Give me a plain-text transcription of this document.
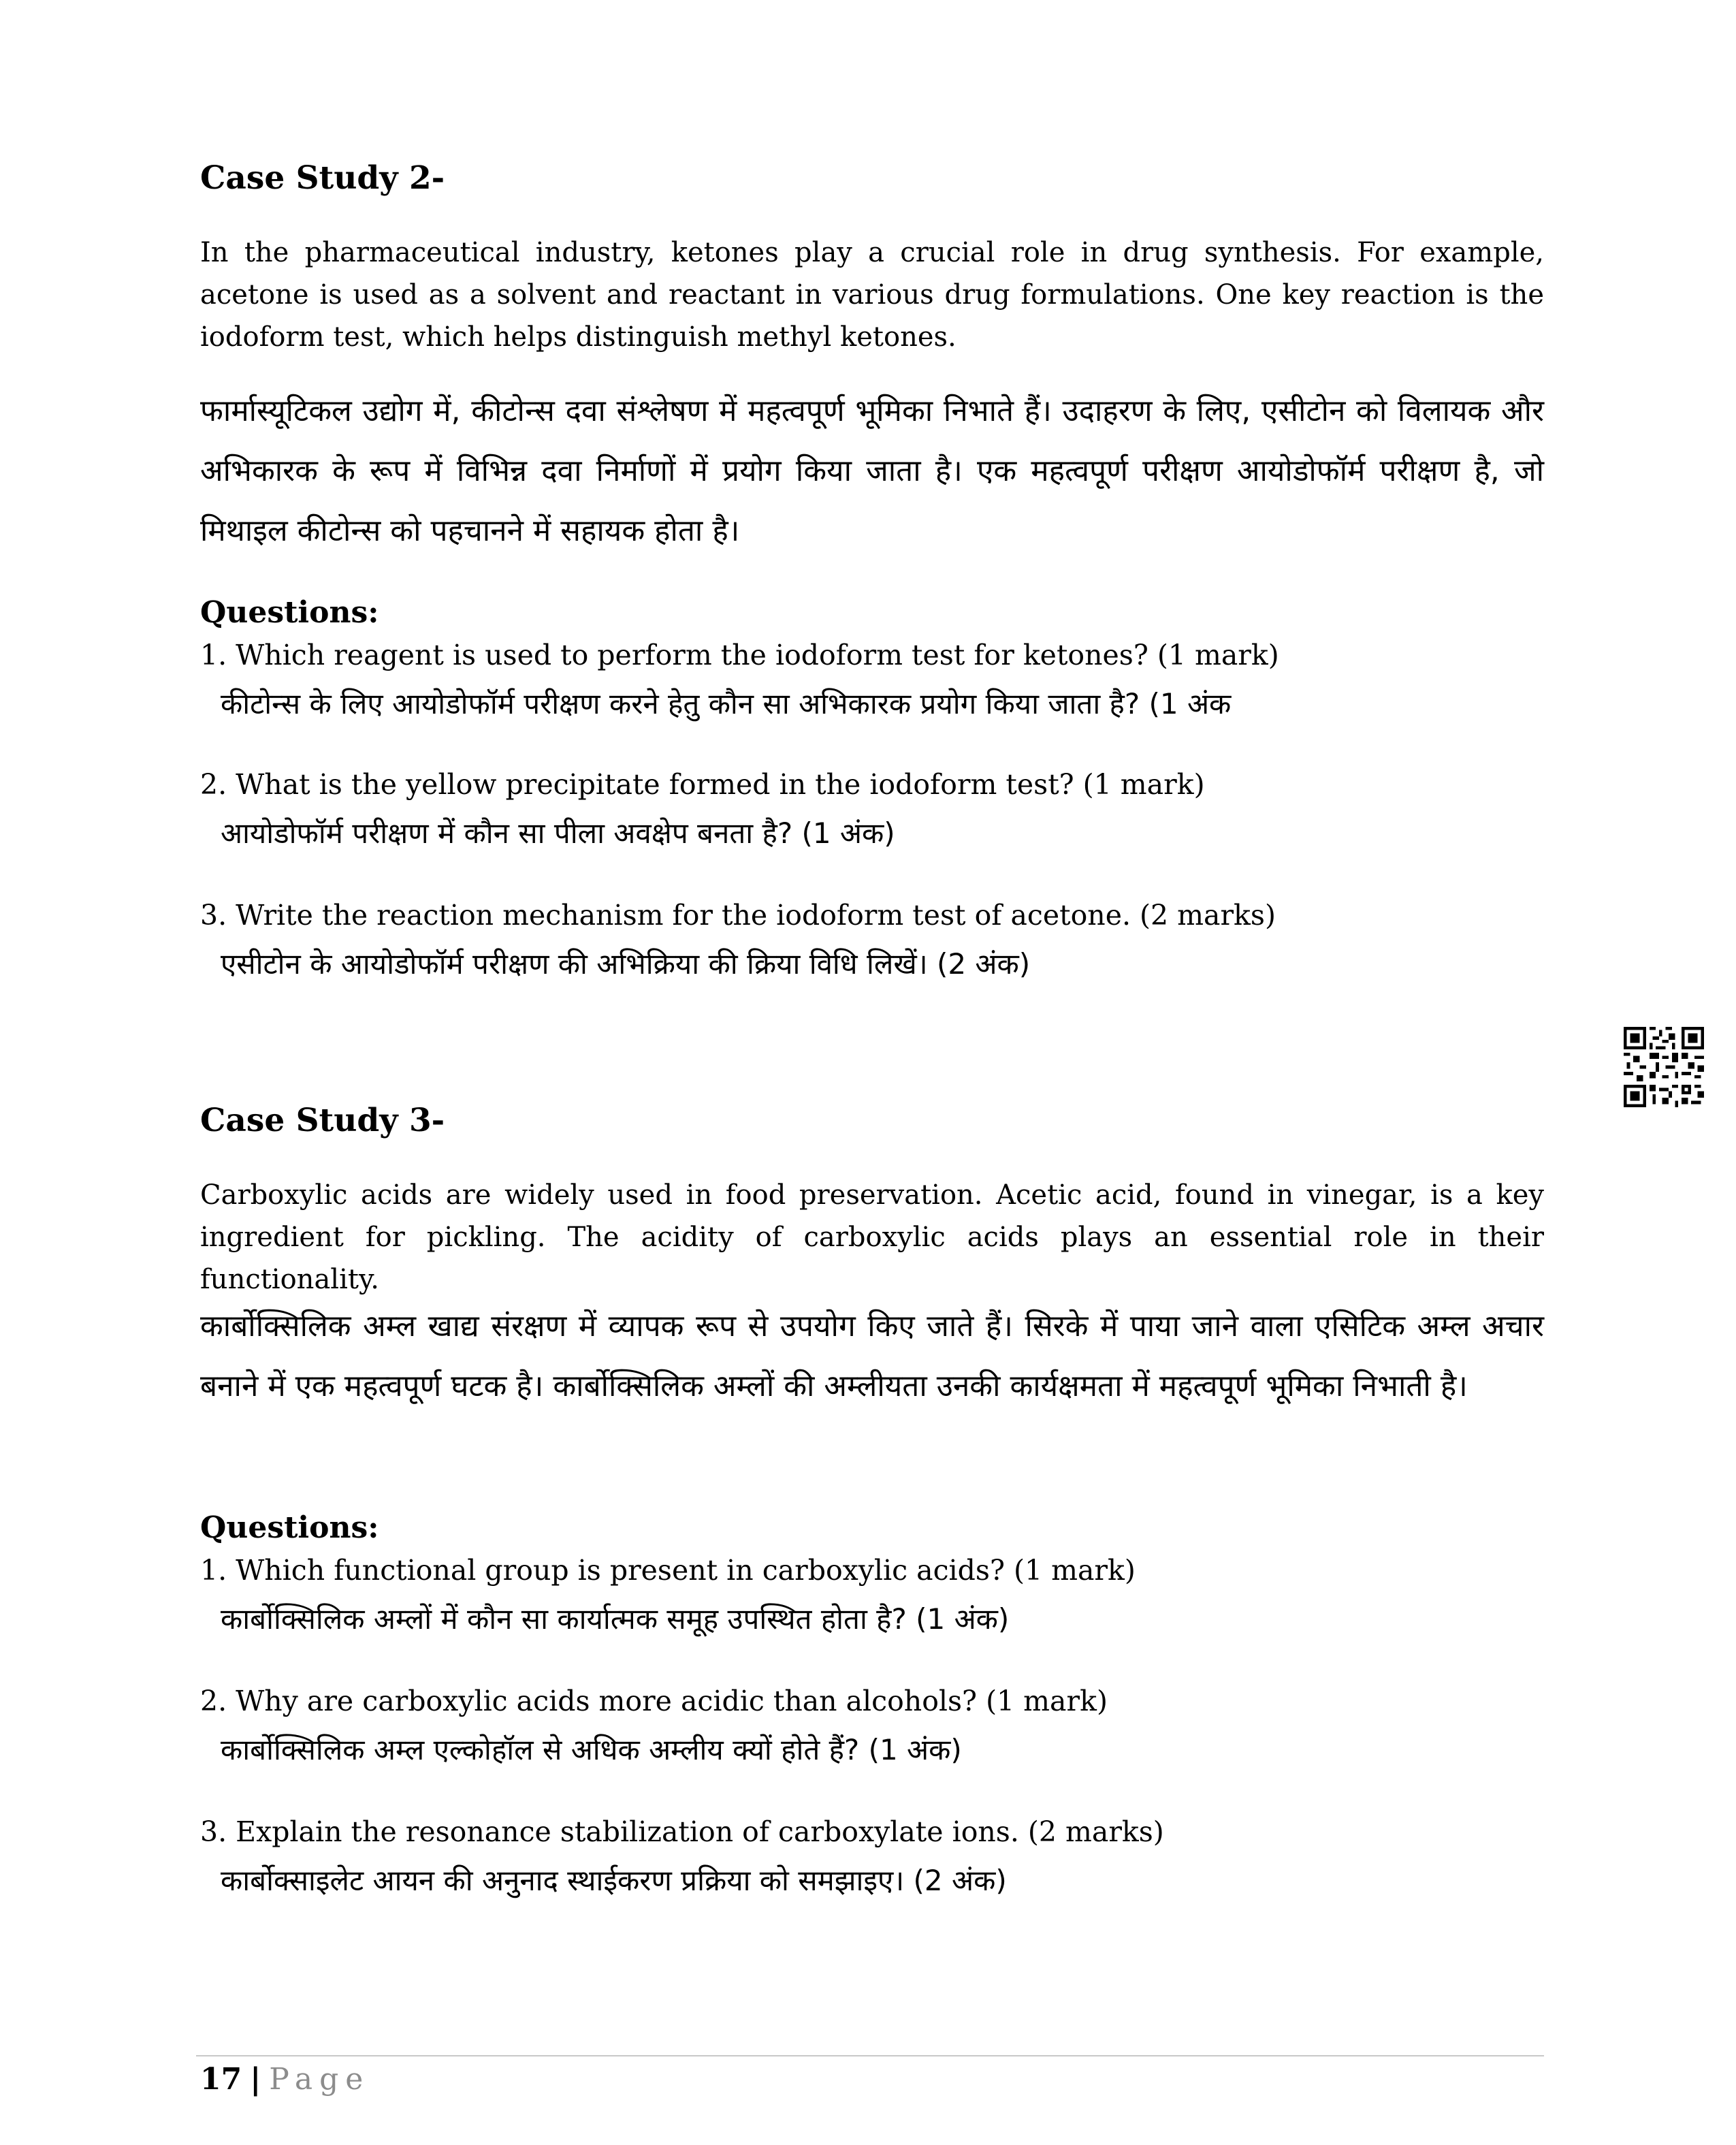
Case Study 2-

In the pharmaceutical industry, ketones play a crucial role in drug synthesis. For example, acetone is used as a solvent and reactant in various drug formulations. One key reaction is the iodoform test, which helps distinguish methyl ketones.

फार्मास्यूटिकल उद्योग में, कीटोन्स दवा संश्लेषण में महत्वपूर्ण भूमिका निभाते हैं। उदाहरण के लिए, एसीटोन को विलायक और अभिकारक के रूप में विभिन्न दवा निर्माणों में प्रयोग किया जाता है। एक महत्वपूर्ण परीक्षण आयोडोफॉर्म परीक्षण है, जो मिथाइल कीटोन्स को पहचानने में सहायक होता है।

Questions:
1. Which reagent is used to perform the iodoform test for ketones? (1 mark)
कीटोन्स के लिए आयोडोफॉर्म परीक्षण करने हेतु कौन सा अभिकारक प्रयोग किया जाता है? (1 अंक
2. What is the yellow precipitate formed in the iodoform test? (1 mark)
आयोडोफॉर्म परीक्षण में कौन सा पीला अवक्षेप बनता है? (1 अंक)
3. Write the reaction mechanism for the iodoform test of acetone. (2 marks)
एसीटोन के आयोडोफॉर्म परीक्षण की अभिक्रिया की क्रिया विधि लिखें। (2 अंक)
Case Study 3-

Carboxylic acids are widely used in food preservation. Acetic acid, found in vinegar, is a key ingredient for pickling. The acidity of carboxylic acids plays an essential role in their functionality.

कार्बोक्सिलिक अम्ल खाद्य संरक्षण में व्यापक रूप से उपयोग किए जाते हैं। सिरके में पाया जाने वाला एसिटिक अम्ल अचार बनाने में एक महत्वपूर्ण घटक है। कार्बोक्सिलिक अम्लों की अम्लीयता उनकी कार्यक्षमता में महत्वपूर्ण भूमिका निभाती है।

Questions:
1. Which functional group is present in carboxylic acids? (1 mark)
कार्बोक्सिलिक अम्लों में कौन सा कार्यात्मक समूह उपस्थित होता है? (1 अंक)
2. Why are carboxylic acids more acidic than alcohols? (1 mark)
कार्बोक्सिलिक अम्ल एल्कोहॉल से अधिक अम्लीय क्यों होते हैं? (1 अंक)
3. Explain the resonance stabilization of carboxylate ions. (2 marks)
कार्बोक्साइलेट आयन की अनुनाद स्थाईकरण प्रक्रिया को समझाइए। (2 अंक)
17 | Page
